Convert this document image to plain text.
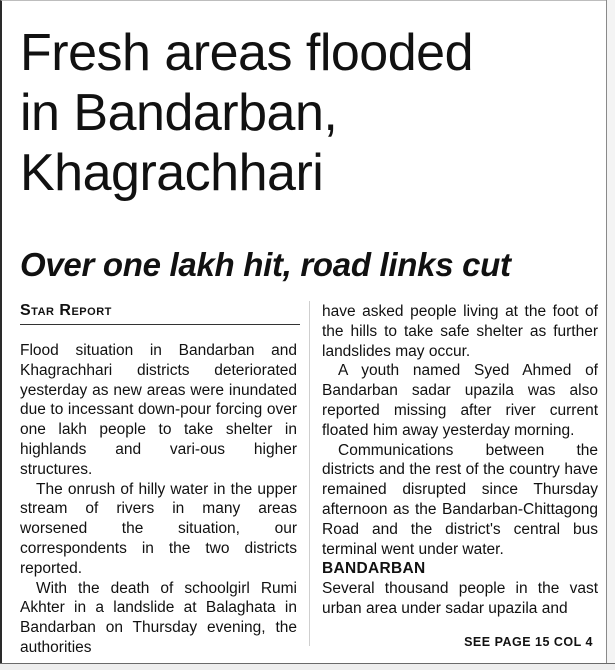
Fresh areas flooded
in Bandarban,
Khagrachhari
Over one lakh hit, road links cut
Star Report

Flood situation in Bandarban and Khagrachhari districts deteriorated yesterday as new areas were inundated due to incessant down-pour forcing over one lakh people to take shelter in highlands and vari-ous higher structures.

The onrush of hilly water in the upper stream of rivers in many areas worsened the situation, our correspondents in the two districts reported.

With the death of schoolgirl Rumi Akhter in a landslide at Balaghata in Bandarban on Thursday evening, the authorities

have asked people living at the foot of the hills to take safe shelter as further landslides may occur.

A youth named Syed Ahmed of Bandarban sadar upazila was also reported missing after river current floated him away yesterday morning.

Communications between the districts and the rest of the country have remained disrupted since Thursday afternoon as the Bandarban-Chittagong Road and the district's central bus terminal went under water.

BANDARBAN

Several thousand people in the vast urban area under sadar upazila and

SEE PAGE 15 COL 4
